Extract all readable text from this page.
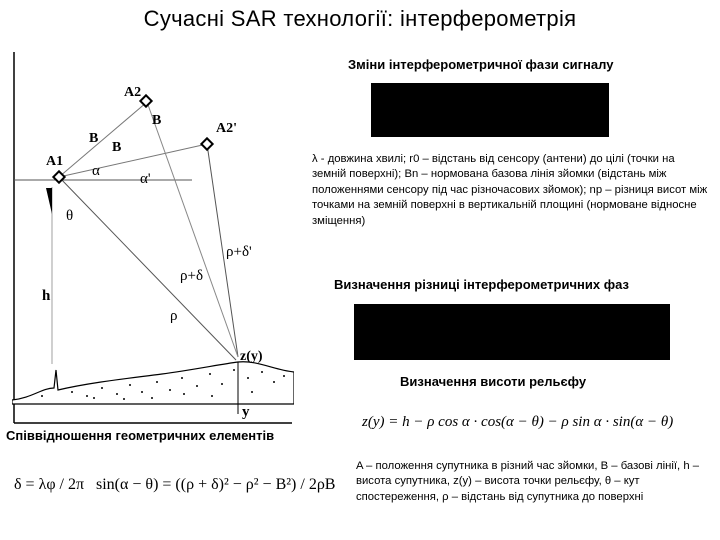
Сучасні SAR технології: інтерферометрія
A2
B
A2'
B
B
A1
α	α'
θ
ρ+δ'
ρ+δ
h
ρ
z(y)
y
Зміни інтерферометричної фази сигналу
λ - довжина хвилі; r0 – відстань від сенсору (антени) до цілі (точки на земній поверхні); Bn – нормована базова лінія зйомки (відстань між положеннями сенсору під час різночасових зйомок); np – різниця висот між точками на земній поверхні в вертикальній площині (нормоване відносне зміщення)
Визначення різниці інтерферометричних фаз
Визначення висоти рельєфу
z(y) = h − ρ cos α · cos(α − θ) − ρ sin α · sin(α − θ)
Співвідношення геометричних елементів
δ = λφ / 2π sin(α − θ) = ((ρ + δ)² − ρ² − B²) / 2ρB
A – положення супутника в різний час зйомки, B – базові лінії, h – висота супутника, z(y) – висота точки рельєфу, θ – кут спостереження, ρ – відстань від супутника до поверхні
